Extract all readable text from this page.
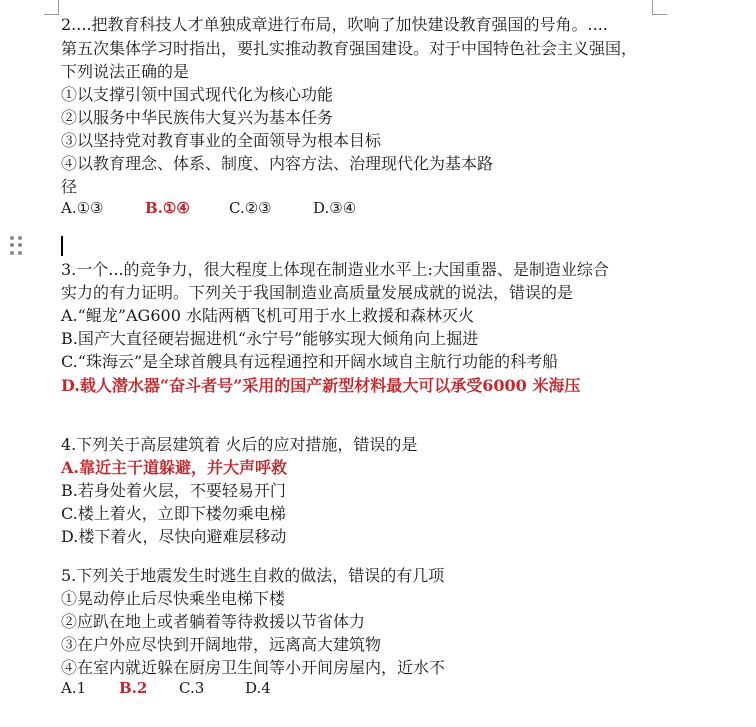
2....把教育科技人才单独成章进行布局，吹响了加快建设教育强国的号角。....
第五次集体学习时指出，要扎实推动教育强国建设。对于中国特色社会主义强国，
下列说法正确的是
①以支撑引领中国式现代化为核心功能
②以服务中华民族伟大复兴为基本任务
③以坚持党对教育事业的全面领导为根本目标
④以教育理念、体系、制度、内容方法、治理现代化为基本路
径
A.①③	B.①④	C.②③	D.③④
3.一个...的竞争力，很大程度上体现在制造业水平上:大国重器、是制造业综合
实力的有力证明。下列关于我国制造业高质量发展成就的说法，错误的是
A.“鲲龙”AG600 水陆两栖飞机可用于水上救援和森林灭火
B.国产大直径硬岩掘进机“永宁号”能够实现大倾角向上掘进
C.“珠海云”是全球首艘具有远程通控和开阔水域自主航行功能的科考船
D.载人潜水器“奋斗者号”采用的国产新型材料最大可以承受6000 米海压
4.下列关于高层建筑着 火后的应对措施，错误的是
A.靠近主干道躲避，并大声呼救
B.若身处着火层，不要轻易开门
C.楼上着火，立即下楼勿乘电梯
D.楼下着火，尽快向避难层移动
5.下列关于地震发生时逃生自救的做法，错误的有几项
①晃动停止后尽快乘坐电梯下楼
②应趴在地上或者躺着等待救援以节省体力
③在户外应尽快到开阔地带，远离高大建筑物
④在室内就近躲在厨房卫生间等小开间房屋内，近水不
A.1 B.2 C.3	D.4
